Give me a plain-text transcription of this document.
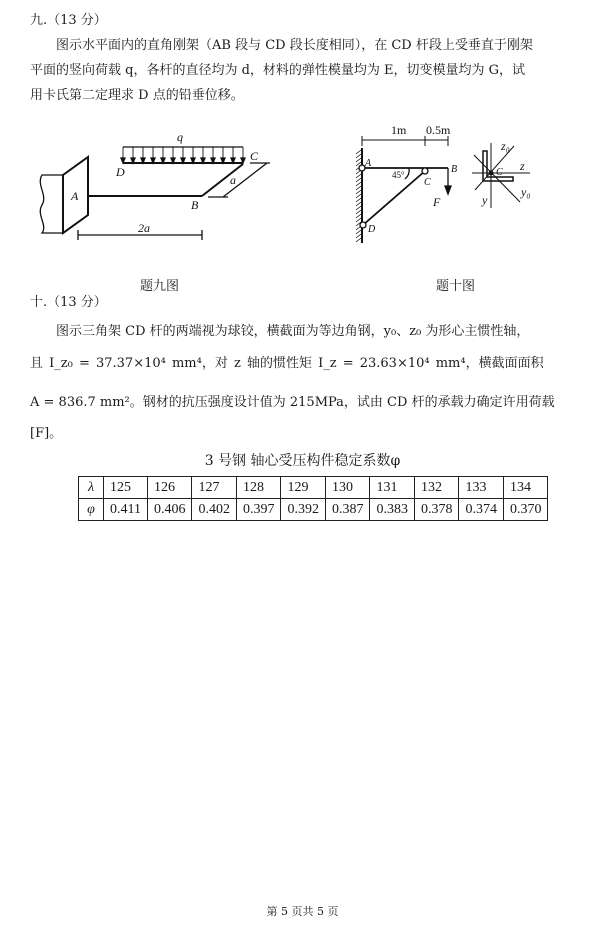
九.（13 分）
图示水平面内的直角刚架（AB 段与 CD 段长度相同），在 CD 杆段上受垂直于刚架
平面的竖向荷载 q，各杆的直径均为 d，材料的弹性模量均为 E，切变模量均为 G，试
用卡氏第二定理求 D 点的铅垂位移。
q
D
C
A
B
2a
a
1m 0.5m
A
B
C
D
F
45°
z₀
z
y₀
y
C
题九图	题十图
十.（13 分）
图示三角架 CD 杆的两端视为球铰，横截面为等边角钢，y₀、z₀ 为形心主惯性轴，
且 I_z₀ = 37.37×10⁴ mm⁴，对 z 轴的惯性矩 I_z = 23.63×10⁴ mm⁴，横截面面积
A = 836.7 mm²。钢材的抗压强度设计值为 215MPa，试由 CD 杆的承载力确定许用荷载
[F]。
3 号钢 轴心受压构件稳定系数φ
λ	125	126	127	128	129	130	131	132	133	134
φ	0.411	0.406	0.402	0.397	0.392	0.387	0.383	0.378	0.374	0.370
第 5 页共 5 页
